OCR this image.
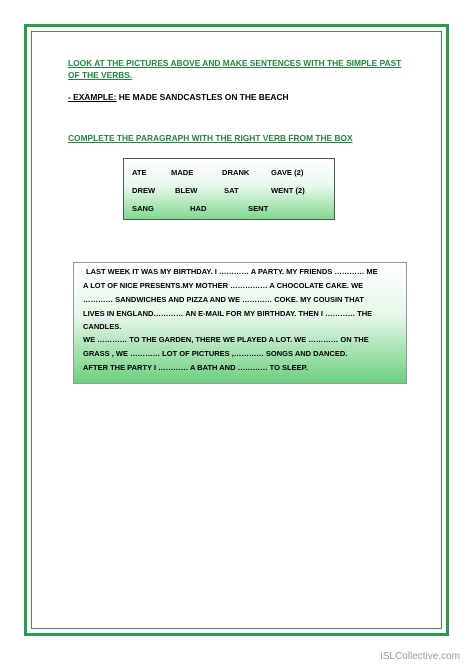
LOOK AT THE PICTURES ABOVE AND MAKE SENTENCES WITH THE SIMPLE PAST OF THE VERBS.
- EXAMPLE: HE MADE SANDCASTLES ON THE BEACH
COMPLETE THE PARAGRAPH WITH THE RIGHT VERB FROM THE BOX
ATE	MADE	DRANK	GAVE (2)
DREW	BLEW	SAT	WENT (2)
SANG	HAD	SENT
LAST WEEK IT WAS MY BIRTHDAY. I ………… A PARTY. MY FRIENDS ………… ME
A LOT OF NICE PRESENTS.MY MOTHER …………… A CHOCOLATE CAKE. WE
………… SANDWICHES AND PIZZA AND WE ………… COKE. MY COUSIN THAT
LIVES IN ENGLAND………… AN E-MAIL FOR MY BIRTHDAY. THEN I ………… THE
CANDLES.
WE ………… TO THE GARDEN, THERE WE PLAYED A LOT. WE ………… ON THE
GRASS , WE ………… LOT OF PICTURES ,………… SONGS AND DANCED.
AFTER THE PARTY I ………… A BATH AND ………… TO SLEEP.
iSLCollective.com
